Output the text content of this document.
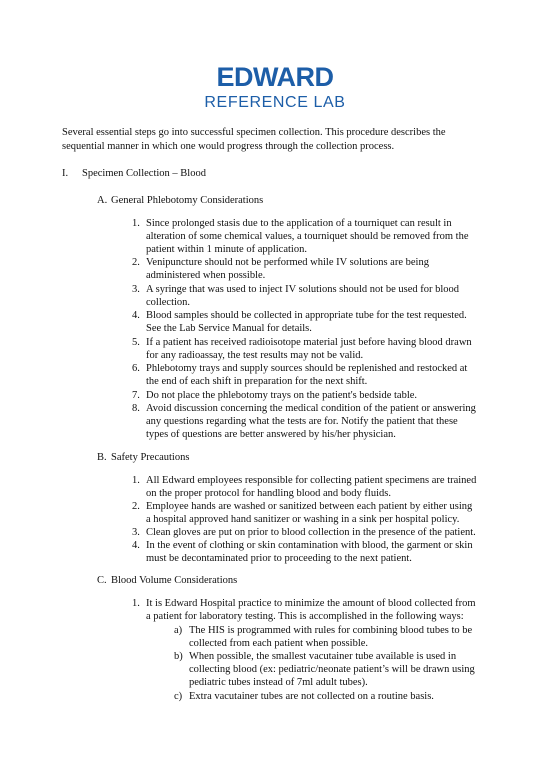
EDWARD
REFERENCE LAB
Several essential steps go into successful specimen collection. This procedure describes the
sequential manner in which one would progress through the collection process.
I. Specimen Collection – Blood
A. General Phlebotomy Considerations
1. Since prolonged stasis due to the application of a tourniquet can result in
alteration of some chemical values, a tourniquet should be removed from the
patient within 1 minute of application.
2. Venipuncture should not be performed while IV solutions are being
administered when possible.
3. A syringe that was used to inject IV solutions should not be used for blood
collection.
4. Blood samples should be collected in appropriate tube for the test requested.
See the Lab Service Manual for details.
5. If a patient has received radioisotope material just before having blood drawn
for any radioassay, the test results may not be valid.
6. Phlebotomy trays and supply sources should be replenished and restocked at
the end of each shift in preparation for the next shift.
7. Do not place the phlebotomy trays on the patient's bedside table.
8. Avoid discussion concerning the medical condition of the patient or answering
any questions regarding what the tests are for. Notify the patient that these
types of questions are better answered by his/her physician.
B. Safety Precautions
1. All Edward employees responsible for collecting patient specimens are trained
on the proper protocol for handling blood and body fluids.
2. Employee hands are washed or sanitized between each patient by either using
a hospital approved hand sanitizer or washing in a sink per hospital policy.
3. Clean gloves are put on prior to blood collection in the presence of the patient.
4. In the event of clothing or skin contamination with blood, the garment or skin
must be decontaminated prior to proceeding to the next patient.
C. Blood Volume Considerations
1. It is Edward Hospital practice to minimize the amount of blood collected from
a patient for laboratory testing. This is accomplished in the following ways:
a) The HIS is programmed with rules for combining blood tubes to be
collected from each patient when possible.
b) When possible, the smallest vacutainer tube available is used in
collecting blood (ex: pediatric/neonate patient’s will be drawn using
pediatric tubes instead of 7ml adult tubes).
c) Extra vacutainer tubes are not collected on a routine basis.
